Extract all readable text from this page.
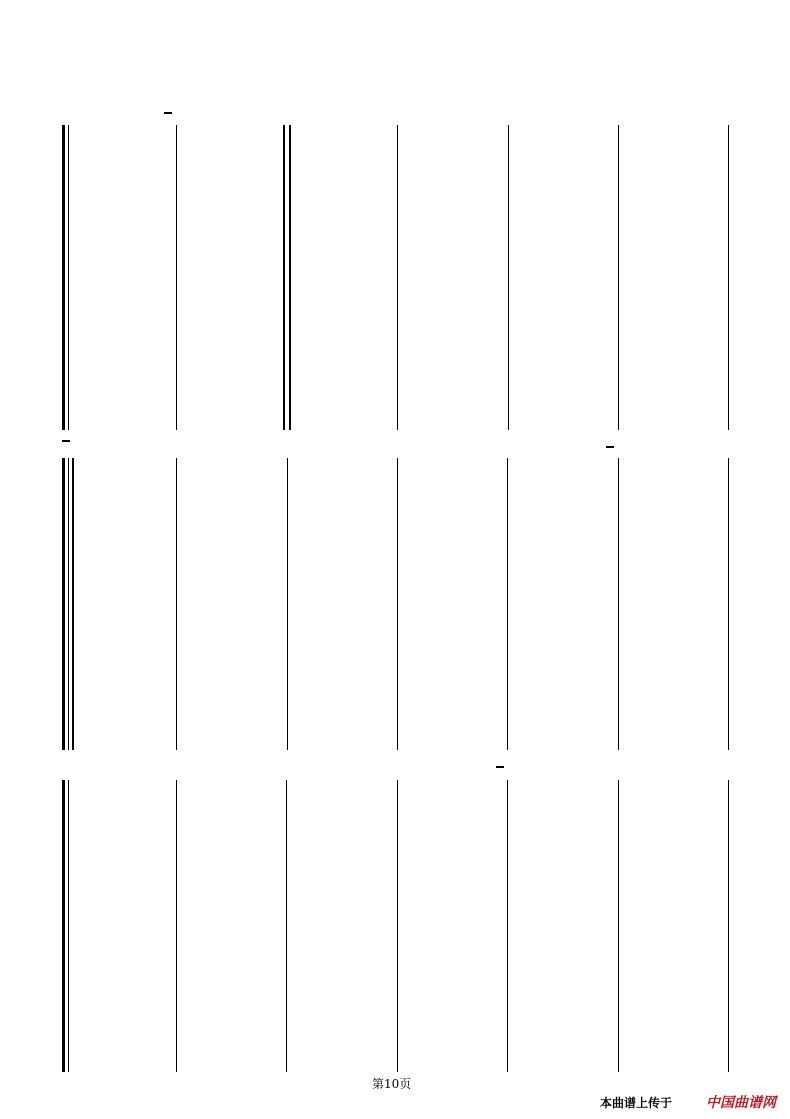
第10页
本曲谱上传于 中国曲谱网
